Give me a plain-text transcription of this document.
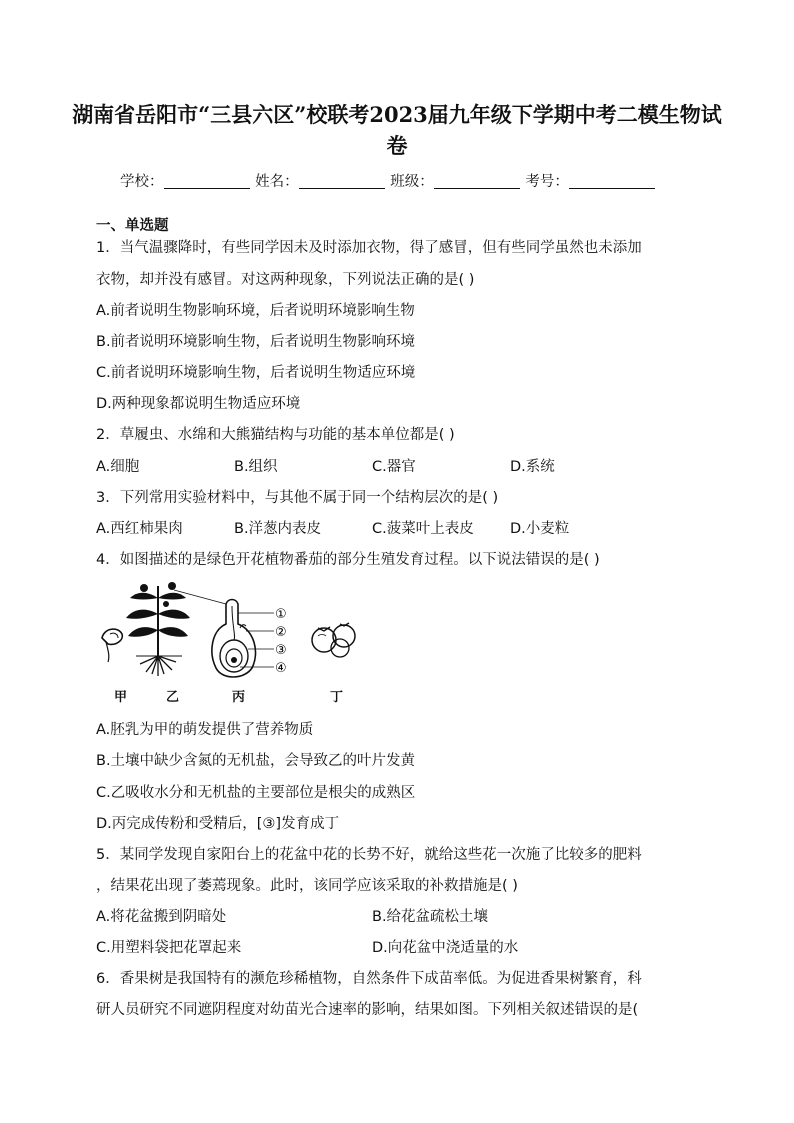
湖南省岳阳市“三县六区”校联考2023届九年级下学期中考二模生物试
卷
学校：	姓名：	班级：	考号：
一、单选题
1．当气温骤降时，有些同学因未及时添加衣物，得了感冒，但有些同学虽然也未添加
衣物，却并没有感冒。对这两种现象，下列说法正确的是( )
A.前者说明生物影响环境，后者说明环境影响生物
B.前者说明环境影响生物，后者说明生物影响环境
C.前者说明环境影响生物，后者说明生物适应环境
D.两种现象都说明生物适应环境
2．草履虫、水绵和大熊猫结构与功能的基本单位都是( )
A.细胞	B.组织	C.器官	D.系统
3．下列常用实验材料中，与其他不属于同一个结构层次的是( )
A.西红柿果肉	B.洋葱内表皮	C.菠菜叶上表皮	D.小麦粒
4．如图描述的是绿色开花植物番茄的部分生殖发育过程。以下说法错误的是( )
①
②
③
④
甲	乙	丙	丁
A.胚乳为甲的萌发提供了营养物质
B.土壤中缺少含氮的无机盐，会导致乙的叶片发黄
C.乙吸收水分和无机盐的主要部位是根尖的成熟区
D.丙完成传粉和受精后，[③]发育成丁
5．某同学发现自家阳台上的花盆中花的长势不好，就给这些花一次施了比较多的肥料
，结果花出现了萎蔫现象。此时，该同学应该采取的补救措施是( )
A.将花盆搬到阴暗处	B.给花盆疏松土壤
C.用塑料袋把花罩起来	D.向花盆中浇适量的水
6．香果树是我国特有的濒危珍稀植物，自然条件下成苗率低。为促进香果树繁育，科
研人员研究不同遮阴程度对幼苗光合速率的影响，结果如图。下列相关叙述错误的是(
